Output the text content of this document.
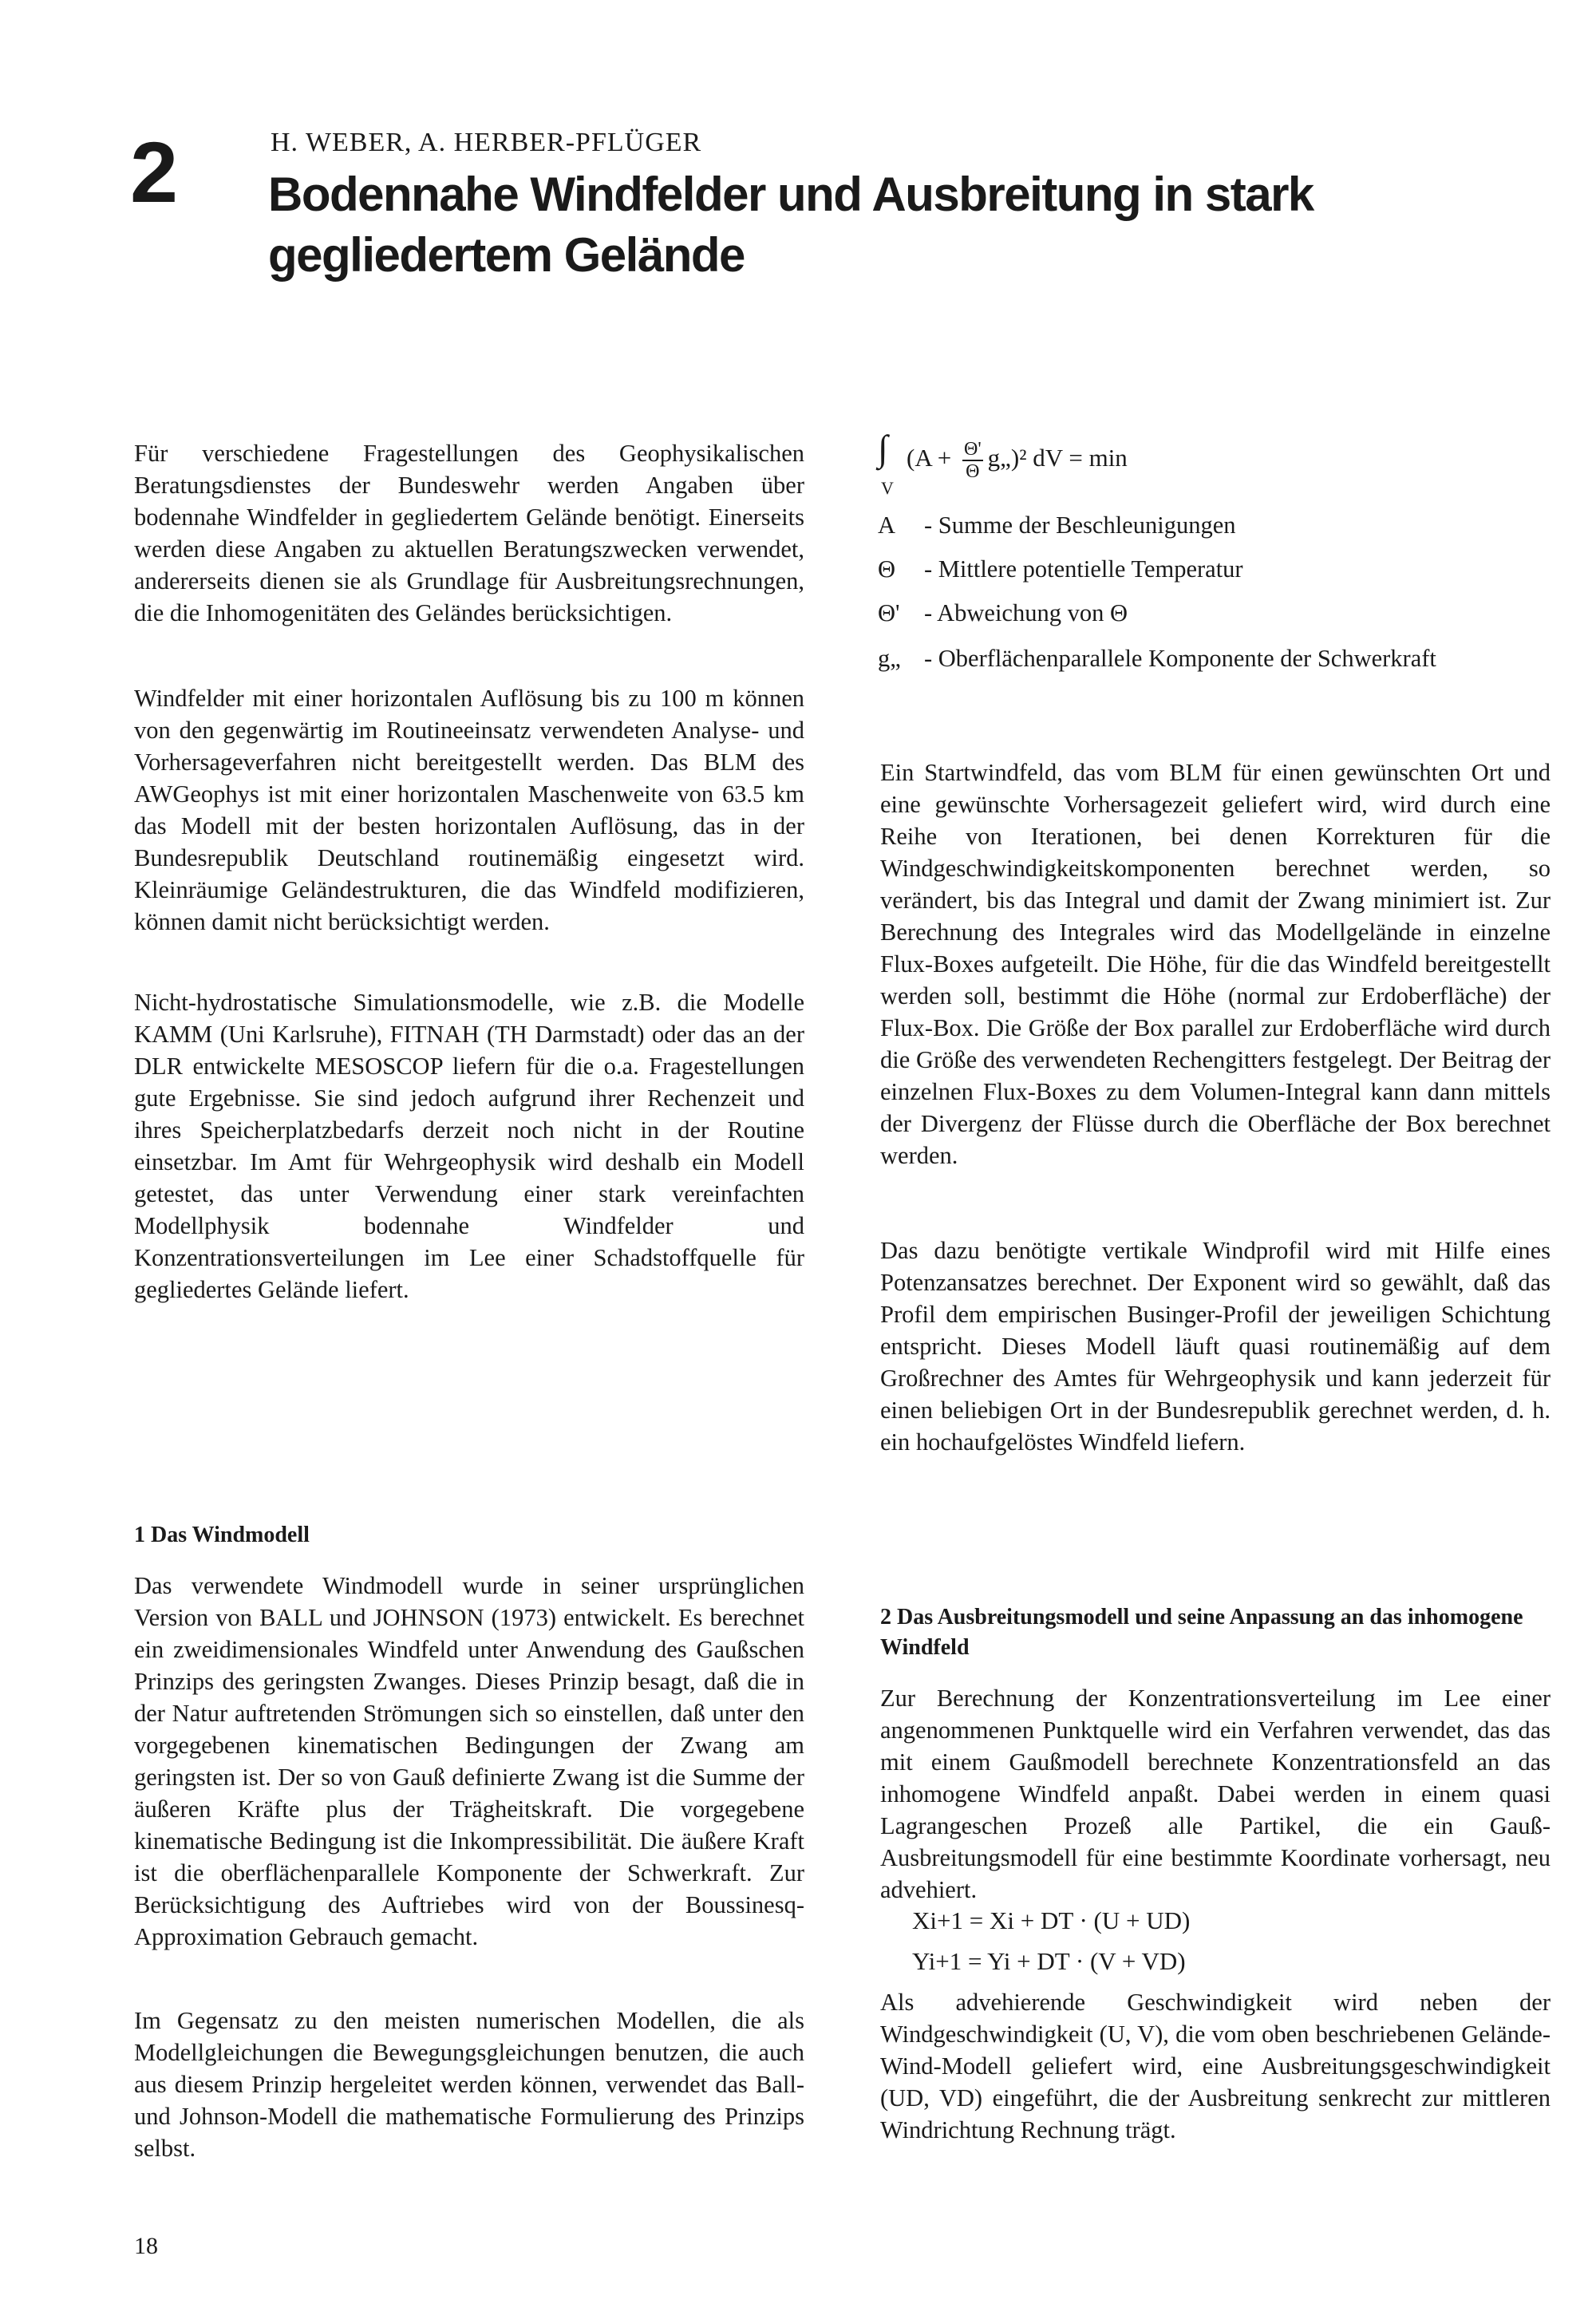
2	H. WEBER, A. HERBER-PFLÜGER
Bodennahe Windfelder und Ausbreitung in stark gegliedertem Gelände

Für verschiedene Fragestellungen des Geophysikalischen Beratungsdienstes der Bundeswehr werden Angaben über bodennahe Windfelder in gegliedertem Gelände benötigt. Einerseits werden diese Angaben zu aktuellen Beratungszwecken verwendet, andererseits dienen sie als Grundlage für Ausbreitungsrechnungen, die die Inhomogenitäten des Geländes berücksichtigen.

Windfelder mit einer horizontalen Auflösung bis zu 100 m können von den gegenwärtig im Routineeinsatz verwendeten Analyse- und Vorhersageverfahren nicht bereitgestellt werden. Das BLM des AWGeophys ist mit einer horizontalen Maschenweite von 63.5 km das Modell mit der besten horizontalen Auflösung, das in der Bundesrepublik Deutschland routinemäßig eingesetzt wird. Kleinräumige Geländestrukturen, die das Windfeld modifizieren, können damit nicht berücksichtigt werden.

Nicht-hydrostatische Simulationsmodelle, wie z.B. die Modelle KAMM (Uni Karlsruhe), FITNAH (TH Darmstadt) oder das an der DLR entwickelte MESOSCOP liefern für die o.a. Fragestellungen gute Ergebnisse. Sie sind jedoch aufgrund ihrer Rechenzeit und ihres Speicherplatzbedarfs derzeit noch nicht in der Routine einsetzbar. Im Amt für Wehrgeophysik wird deshalb ein Modell getestet, das unter Verwendung einer stark vereinfachten Modellphysik bodennahe Windfelder und Konzentrationsverteilungen im Lee einer Schadstoffquelle für gegliedertes Gelände liefert.

1 Das Windmodell

Das verwendete Windmodell wurde in seiner ursprünglichen Version von BALL und JOHNSON (1973) entwickelt. Es berechnet ein zweidimensionales Windfeld unter Anwendung des Gaußschen Prinzips des geringsten Zwanges. Dieses Prinzip besagt, daß die in der Natur auftretenden Strömungen sich so einstellen, daß unter den vorgegebenen kinematischen Bedingungen der Zwang am geringsten ist. Der so von Gauß definierte Zwang ist die Summe der äußeren Kräfte plus der Trägheitskraft. Die vorgegebene kinematische Bedingung ist die Inkompressibilität. Die äußere Kraft ist die oberflächenparallele Komponente der Schwerkraft. Zur Berücksichtigung des Auftriebes wird von der Boussinesq-Approximation Gebrauch gemacht.

Im Gegensatz zu den meisten numerischen Modellen, die als Modellgleichungen die Bewegungsgleichungen benutzen, die auch aus diesem Prinzip hergeleitet werden können, verwendet das Ball- und Johnson-Modell die mathematische Formulierung des Prinzips selbst.

∫
V
($A + \frac{\Theta'}{\Theta}$ g„)² dV = min
A - Summe der Beschleunigungen
Θ - Mittlere potentielle Temperatur
Θ' - Abweichung von Θ
g„ - Oberflächenparallele Komponente der Schwerkraft

Ein Startwindfeld, das vom BLM für einen gewünschten Ort und eine gewünschte Vorhersagezeit geliefert wird, wird durch eine Reihe von Iterationen, bei denen Korrekturen für die Windgeschwindigkeitskomponenten berechnet werden, so verändert, bis das Integral und damit der Zwang minimiert ist. Zur Berechnung des Integrales wird das Modellgelände in einzelne Flux-Boxes aufgeteilt. Die Höhe, für die das Windfeld bereitgestellt werden soll, bestimmt die Höhe (normal zur Erdoberfläche) der Flux-Box. Die Größe der Box parallel zur Erdoberfläche wird durch die Größe des verwendeten Rechengitters festgelegt. Der Beitrag der einzelnen Flux-Boxes zu dem Volumen-Integral kann dann mittels der Divergenz der Flüsse durch die Oberfläche der Box berechnet werden.

Das dazu benötigte vertikale Windprofil wird mit Hilfe eines Potenzansatzes berechnet. Der Exponent wird so gewählt, daß das Profil dem empirischen Businger-Profil der jeweiligen Schichtung entspricht. Dieses Modell läuft quasi routinemäßig auf dem Großrechner des Amtes für Wehrgeophysik und kann jederzeit für einen beliebigen Ort in der Bundesrepublik gerechnet werden, d. h. ein hochaufgelöstes Windfeld liefern.

2 Das Ausbreitungsmodell und seine Anpassung an das inhomogene Windfeld

Zur Berechnung der Konzentrationsverteilung im Lee einer angenommenen Punktquelle wird ein Verfahren verwendet, das das mit einem Gaußmodell berechnete Konzentrationsfeld an das inhomogene Windfeld anpaßt. Dabei werden in einem quasi Lagrangeschen Prozeß alle Partikel, die ein Gauß-Ausbreitungsmodell für eine bestimmte Koordinate vorhersagt, neu advehiert.

Xi+1 = Xi + DT · (U + UD)
Yi+1 = Yi + DT · (V + VD)

Als advehierende Geschwindigkeit wird neben der Windgeschwindigkeit (U, V), die vom oben beschriebenen Gelände-Wind-Modell geliefert wird, eine Ausbreitungsgeschwindigkeit (UD, VD) eingeführt, die der Ausbreitung senkrecht zur mittleren Windrichtung Rechnung trägt.

18
